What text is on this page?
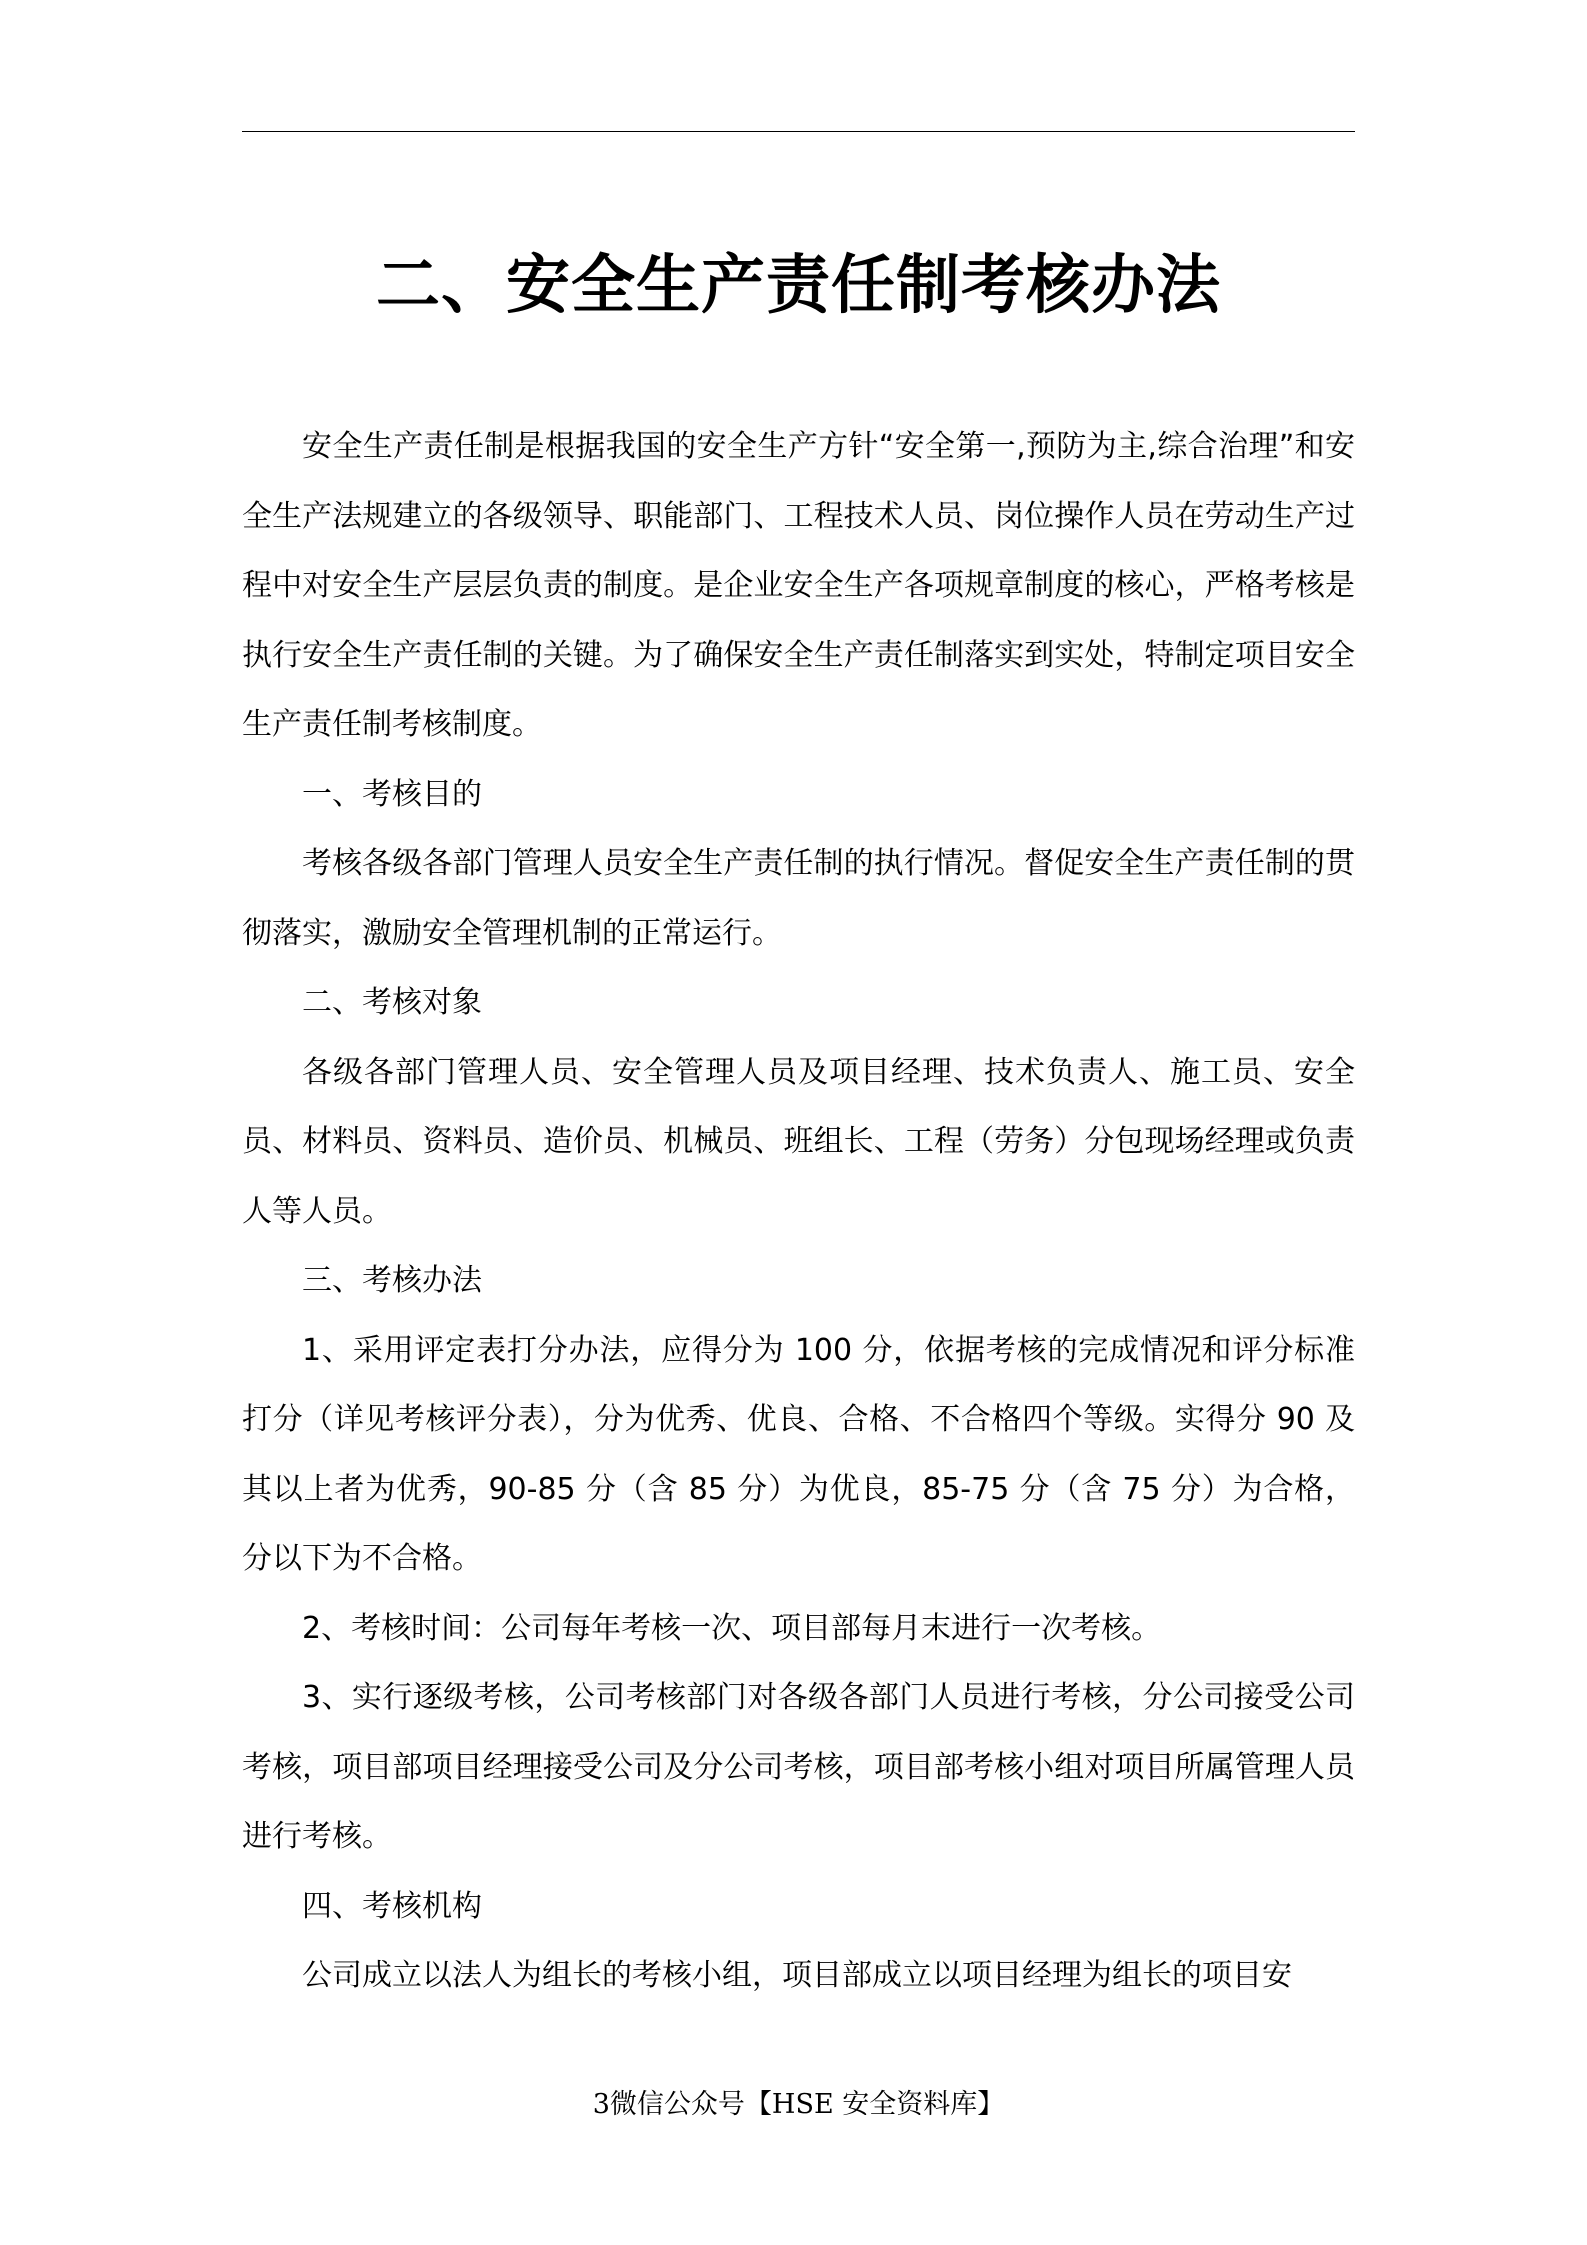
二、安全生产责任制考核办法

安全生产责任制是根据我国的安全生产方针“安全第一,预防为主,综合治理”和安全生产法规建立的各级领导、职能部门、工程技术人员、岗位操作人员在劳动生产过程中对安全生产层层负责的制度。是企业安全生产各项规章制度的核心，严格考核是执行安全生产责任制的关键。为了确保安全生产责任制落实到实处，特制定项目安全生产责任制考核制度。

一、考核目的

考核各级各部门管理人员安全生产责任制的执行情况。督促安全生产责任制的贯彻落实，激励安全管理机制的正常运行。

二、考核对象

各级各部门管理人员、安全管理人员及项目经理、技术负责人、施工员、安全员、材料员、资料员、造价员、机械员、班组长、工程（劳务）分包现场经理或负责人等人员。

三、考核办法

1、采用评定表打分办法，应得分为 100 分，依据考核的完成情况和评分标准打分（详见考核评分表），分为优秀、优良、合格、不合格四个等级。实得分 90 及其以上者为优秀，90-85 分（含 85 分）为优良，85-75 分（含 75 分）为合格，分以下为不合格。

2、考核时间：公司每年考核一次、项目部每月末进行一次考核。

3、实行逐级考核，公司考核部门对各级各部门人员进行考核，分公司接受公司考核，项目部项目经理接受公司及分公司考核，项目部考核小组对项目所属管理人员进行考核。

四、考核机构

公司成立以法人为组长的考核小组，项目部成立以项目经理为组长的项目安

3微信公众号【HSE 安全资料库】
